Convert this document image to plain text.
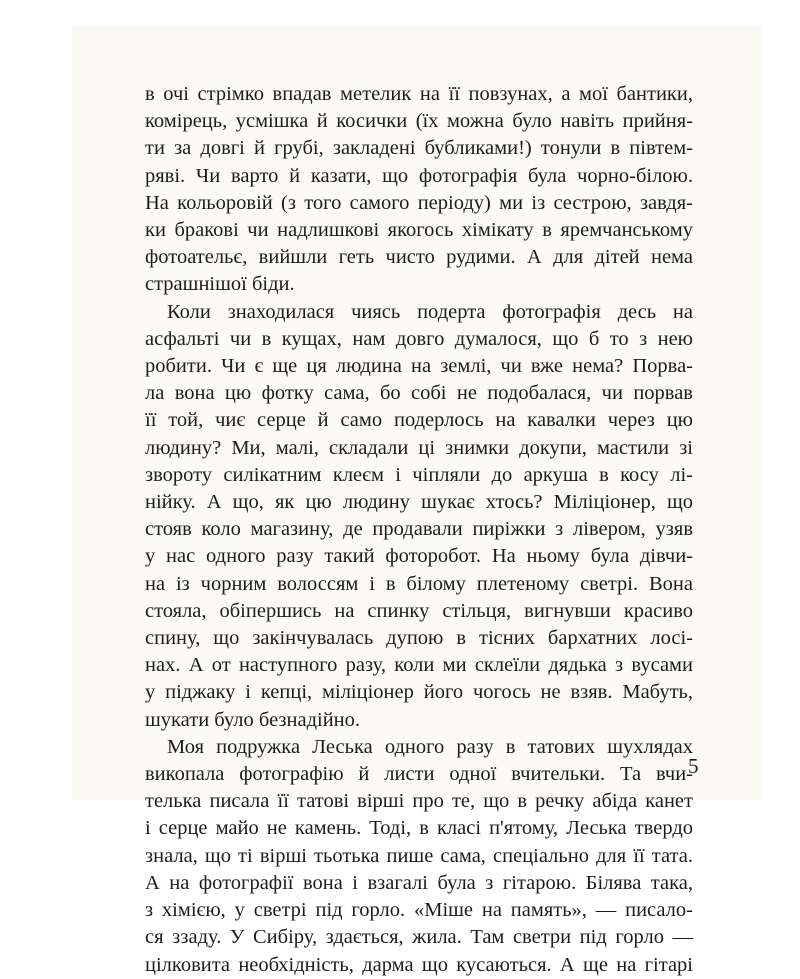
в очі стрімко впадав метелик на її повзунах, а мої бантики,
комірець, усмішка й косички (їх можна було навіть прийня-
ти за довгі й грубі, закладені бубликами!) тонули в півтем-
ряві. Чи варто й казати, що фотографія була чорно-білою.
На кольоровій (з того самого періоду) ми із сестрою, завдя-
ки бракові чи надлишкові якогось хімікату в яремчанському
фотоательє, вийшли геть чисто рудими. А для дітей нема
страшнішої біди.
Коли знаходилася чиясь подерта фотографія десь на
асфальті чи в кущах, нам довго думалося, що б то з нею
робити. Чи є ще ця людина на землі, чи вже нема? Порва-
ла вона цю фотку сама, бо собі не подобалася, чи порвав
її той, чиє серце й само подерлось на кавалки через цю
людину? Ми, малі, складали ці знимки докупи, мастили зі
звороту силікатним клеєм і чіпляли до аркуша в косу лі-
нійку. А що, як цю людину шукає хтось? Міліціонер, що
стояв коло магазину, де продавали пиріжки з лівером, узяв
у нас одного разу такий фоторобот. На ньому була дівчи-
на із чорним волоссям і в білому плетеному светрі. Вона
стояла, обіпершись на спинку стільця, вигнувши красиво
спину, що закінчувалась дупою в тісних бархатних лосі-
нах. А от наступного разу, коли ми склеїли дядька з вусами
у піджаку і кепці, міліціонер його чогось не взяв. Мабуть,
шукати було безнадійно.
Моя подружка Леська одного разу в татових шухлядах
викопала фотографію й листи одної вчительки. Та вчи-
телька писала її татові вірші про те, що в речку абіда канет
і серце майо не камень. Тоді, в класі п'ятому, Леська твердо
знала, що ті вірші тьотька пише сама, спеціально для її тата.
А на фотографії вона і взагалі була з гітарою. Білява така,
з хімією, у светрі під горло. «Міше на память», — писало-
ся ззаду. У Сибіру, здається, жила. Там светри під горло —
цілковита необхідність, дарма що кусаються. А ще на гітарі
5
